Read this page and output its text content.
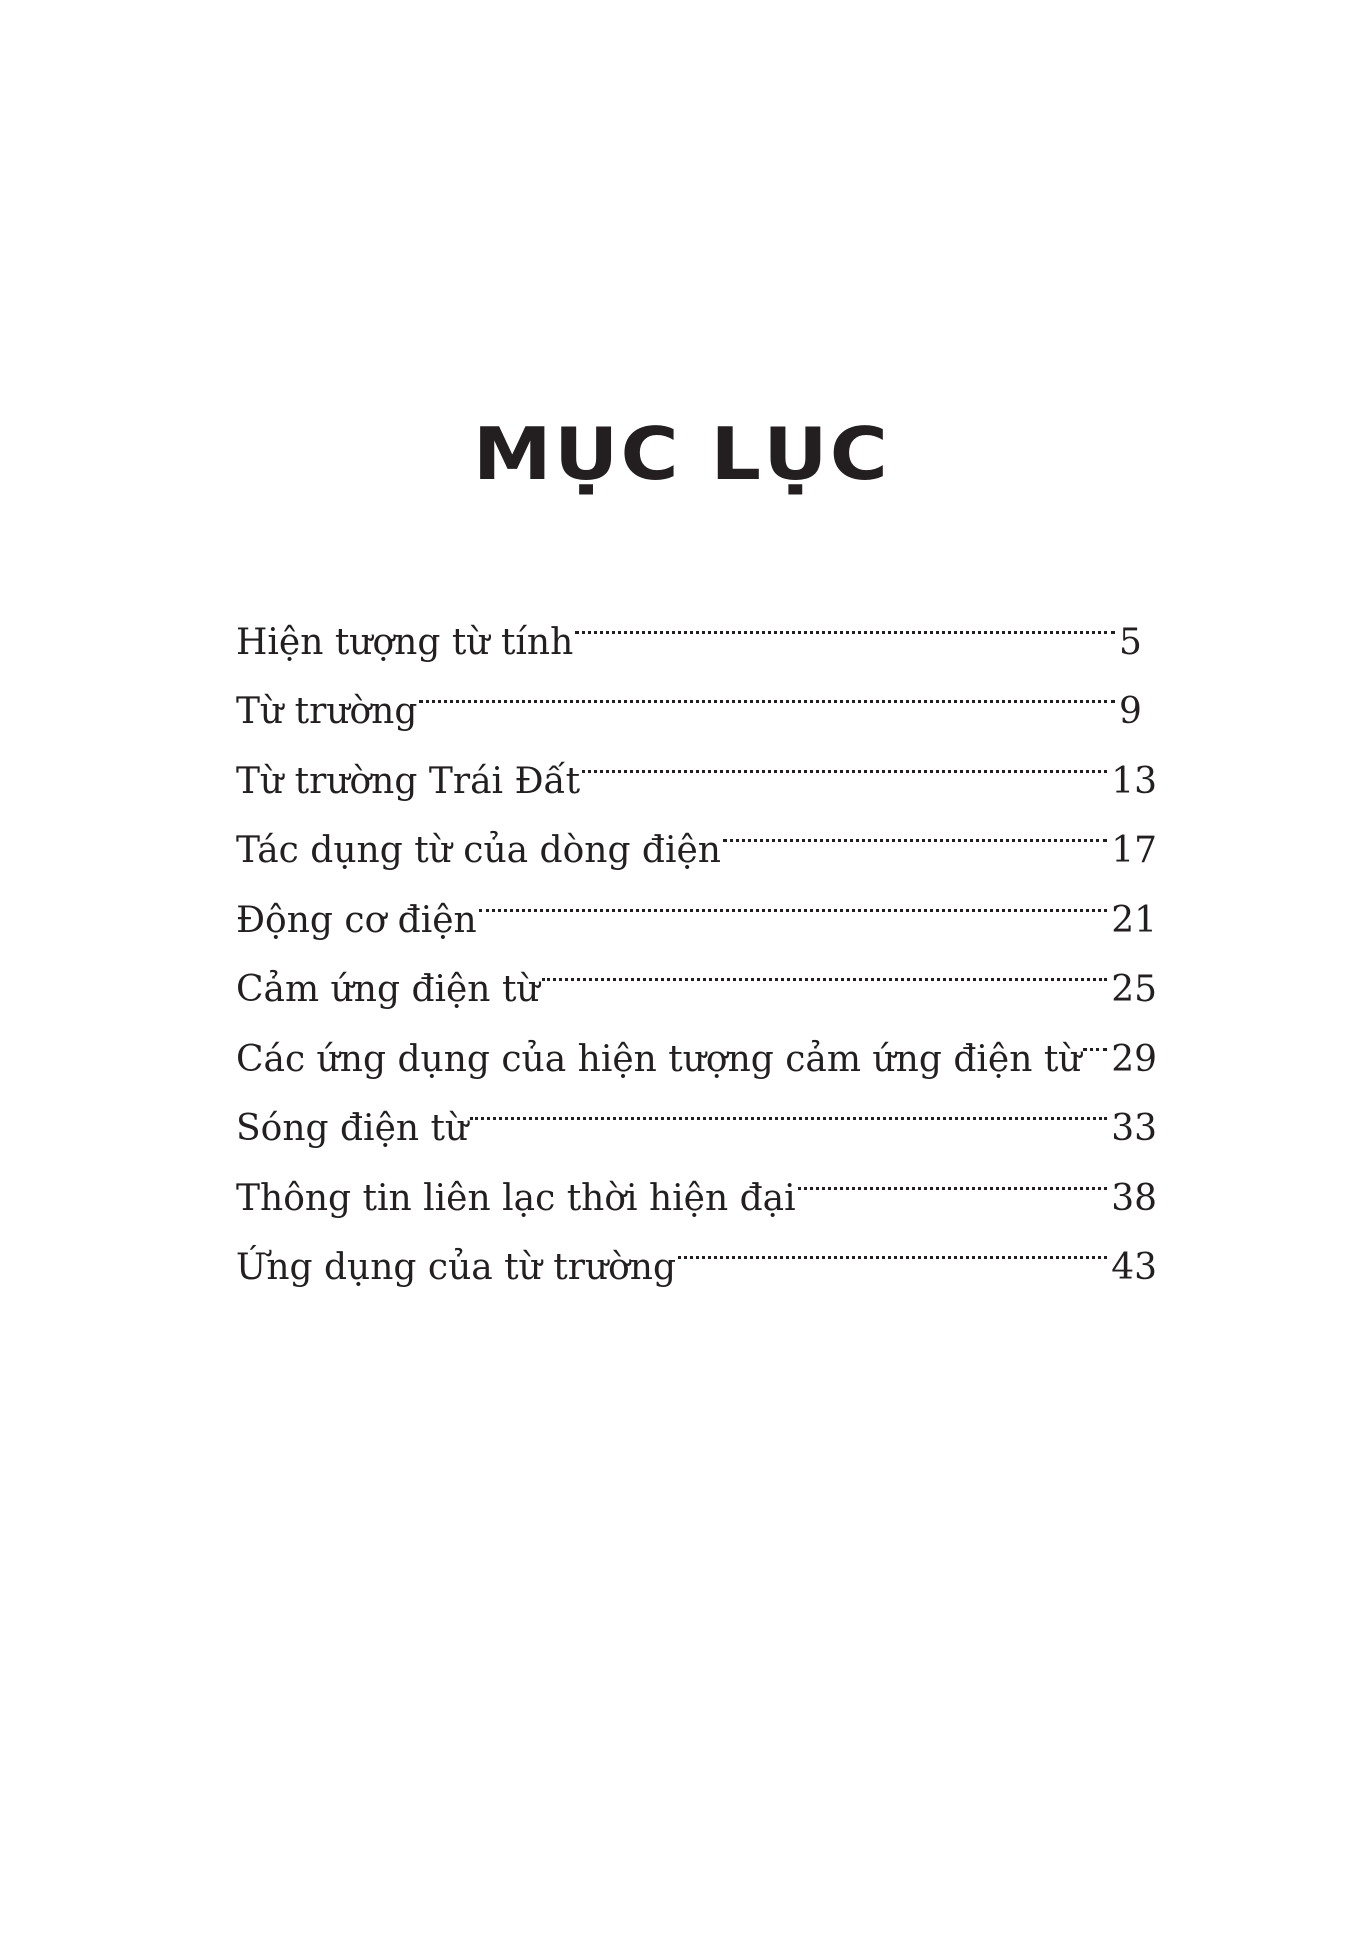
MỤC LỤC
Hiện tượng từ tính	5
Từ trường	9
Từ trường Trái Đất	13
Tác dụng từ của dòng điện	17
Động cơ điện	21
Cảm ứng điện từ	25
Các ứng dụng của hiện tượng cảm ứng điện từ 29
Sóng điện từ	33
Thông tin liên lạc thời hiện đại	38
Ứng dụng của từ trường	43
